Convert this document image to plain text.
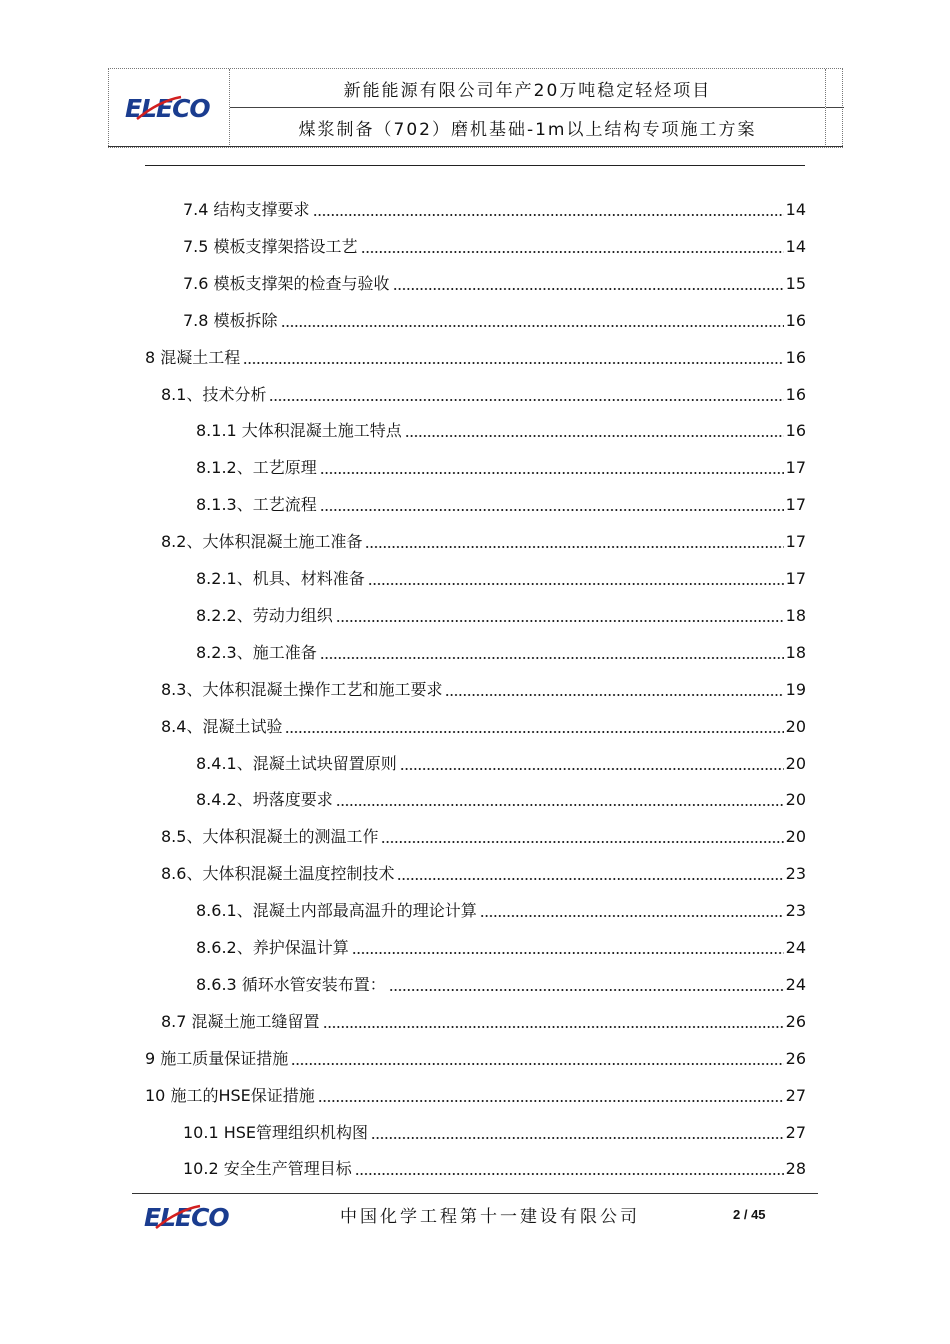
ELECO
新能能源有限公司年产20万吨稳定轻烃项目
煤浆制备（702）磨机基础-1m以上结构专项施工方案
7.4 结构支撑要求	14
7.5 模板支撑架搭设工艺	14
7.6 模板支撑架的检查与验收	15
7.8 模板拆除	16
8 混凝土工程	16
8.1、技术分析	16
8.1.1 大体积混凝土施工特点	16
8.1.2、工艺原理	17
8.1.3、工艺流程	17
8.2、大体积混凝土施工准备	17
8.2.1、机具、材料准备	17
8.2.2、劳动力组织	18
8.2.3、施工准备	18
8.3、大体积混凝土操作工艺和施工要求	19
8.4、混凝土试验	20
8.4.1、混凝土试块留置原则	20
8.4.2、坍落度要求	20
8.5、大体积混凝土的测温工作	20
8.6、大体积混凝土温度控制技术	23
8.6.1、混凝土内部最高温升的理论计算	23
8.6.2、养护保温计算	24
8.6.3 循环水管安装布置：	24
8.7 混凝土施工缝留置	26
9 施工质量保证措施	26
10 施工的HSE保证措施	27
10.1 HSE管理组织机构图	27
10.2 安全生产管理目标	28
ELECO	中国化学工程第十一建设有限公司	2 / 45
